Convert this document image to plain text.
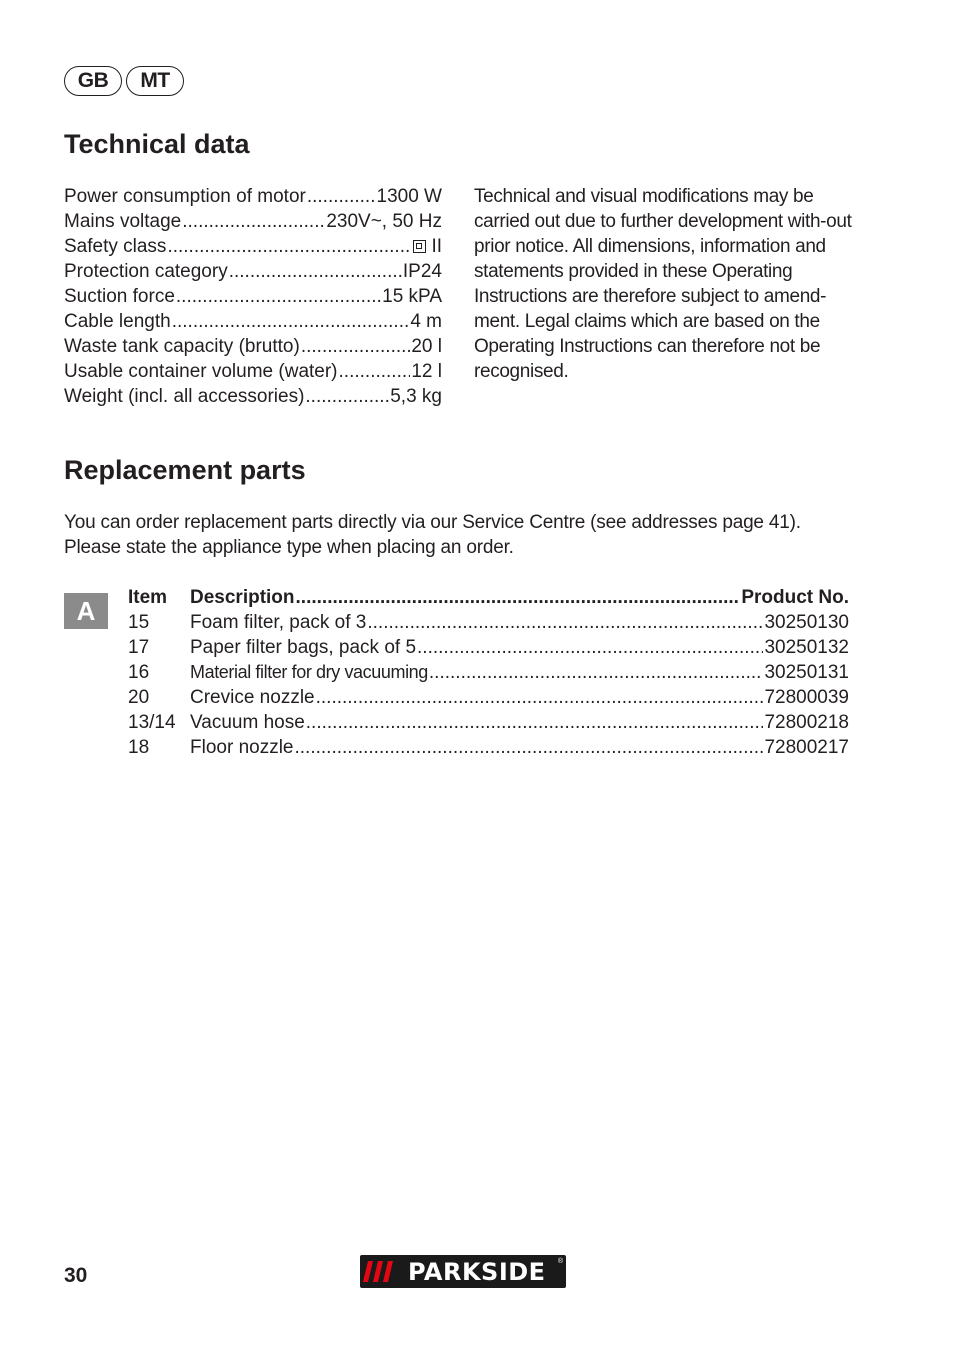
GB	MT
Technical data
Power consumption of motor .....	1300 W
Mains voltage .....	230V~, 50 Hz
Safety class .....	II
Protection category .....	IP24
Suction force .....	15 kPA
Cable length .....	4 m
Waste tank capacity (brutto) .....	20 l
Usable container volume (water) .....	12 l
Weight (incl. all accessories) .....	5,3 kg

Technical and visual modifications may be carried out due to further development with-out prior notice. All dimensions, information and statements provided in these Operating Instructions are therefore subject to amend-ment. Legal claims which are based on the Operating Instructions can therefore not be recognised.

Replacement parts
You can order replacement parts directly via our Service Centre (see addresses page 41).
Please state the appliance type when placing an order.
A	Item	Description .....	Product No.
15	Foam filter, pack of 3 .....	30250130
17	Paper filter bags, pack of 5 .....	30250132
16	Material filter for dry vacuuming .....	30250131
20	Crevice nozzle .....	72800039
13/14 Vacuum hose .....	72800218
18	Floor nozzle .....	72800217
30	PARKSIDE ®
